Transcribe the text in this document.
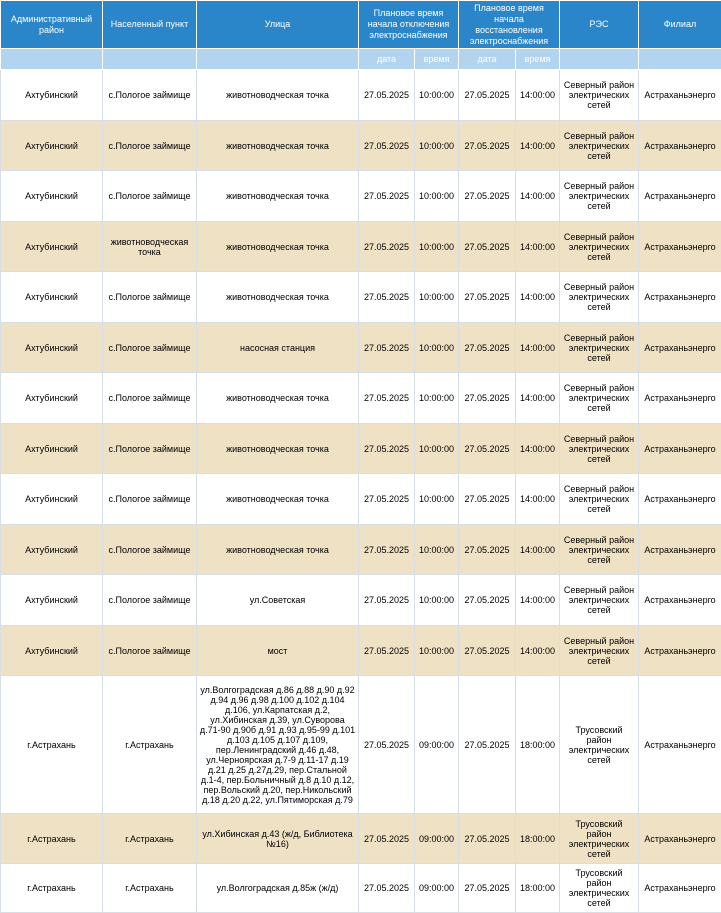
Административный район	Населенный пункт	Улица	Плановое время начала отключения электроснабжения		Плановое время начала восстановления электроснабжения		РЭС	Филиал
			дата	время	дата	время		
Ахтубинский	с.Пологое займище	животноводческая точка	27.05.2025	10:00:00	27.05.2025	14:00:00	Северный район электрических сетей	Астраханьэнерго
Ахтубинский	с.Пологое займище	животноводческая точка	27.05.2025	10:00:00	27.05.2025	14:00:00	Северный район электрических сетей	Астраханьэнерго
Ахтубинский	с.Пологое займище	животноводческая точка	27.05.2025	10:00:00	27.05.2025	14:00:00	Северный район электрических сетей	Астраханьэнерго
Ахтубинский	животноводческая точка	животноводческая точка	27.05.2025	10:00:00	27.05.2025	14:00:00	Северный район электрических сетей	Астраханьэнерго
Ахтубинский	с.Пологое займище	животноводческая точка	27.05.2025	10:00:00	27.05.2025	14:00:00	Северный район электрических сетей	Астраханьэнерго
Ахтубинский	с.Пологое займище	насосная станция	27.05.2025	10:00:00	27.05.2025	14:00:00	Северный район электрических сетей	Астраханьэнерго
Ахтубинский	с.Пологое займище	животноводческая точка	27.05.2025	10:00:00	27.05.2025	14:00:00	Северный район электрических сетей	Астраханьэнерго
Ахтубинский	с.Пологое займище	животноводческая точка	27.05.2025	10:00:00	27.05.2025	14:00:00	Северный район электрических сетей	Астраханьэнерго
Ахтубинский	с.Пологое займище	животноводческая точка	27.05.2025	10:00:00	27.05.2025	14:00:00	Северный район электрических сетей	Астраханьэнерго
Ахтубинский	с.Пологое займище	животноводческая точка	27.05.2025	10:00:00	27.05.2025	14:00:00	Северный район электрических сетей	Астраханьэнерго
Ахтубинский	с.Пологое займище	ул.Советская	27.05.2025	10:00:00	27.05.2025	14:00:00	Северный район электрических сетей	Астраханьэнерго
Ахтубинский	с.Пологое займище	мост	27.05.2025	10:00:00	27.05.2025	14:00:00	Северный район электрических сетей	Астраханьэнерго
г.Астрахань	г.Астрахань	ул.Волгоградская д.86 д.88 д.90 д.92 д.94 д.96 д.98 д.100 д.102 д.104 д.106, ул.Карпатская д.2, ул.Хибинская д.39, ул.Суворова д.71-90 д.90б д.91 д.93 д.95-99 д.101 д.103 д.105 д.107 д.109, пер.Ленинградский д.46 д.48, ул.Черноярская д.7-9 д.11-17 д.19 д.21 д.25 д.27д.29, пер.Стальной д.1-4, пер.Больничный д.8 д.10 д.12, пер.Вольский д.20, пер.Никольский д.18 д.20 д.22, ул.Пятиморская д.79	27.05.2025	09:00:00	27.05.2025	18:00:00	Трусовский район электрических сетей	Астраханьэнерго
г.Астрахань	г.Астрахань	ул.Хибинская д.43 (ж/д, Библиотека №16)	27.05.2025	09:00:00	27.05.2025	18:00:00	Трусовский район электрических сетей	Астраханьэнерго
г.Астрахань	г.Астрахань	ул.Волгоградская д.85ж (ж/д)	27.05.2025	09:00:00	27.05.2025	18:00:00	Трусовский район электрических сетей	Астраханьэнерго
